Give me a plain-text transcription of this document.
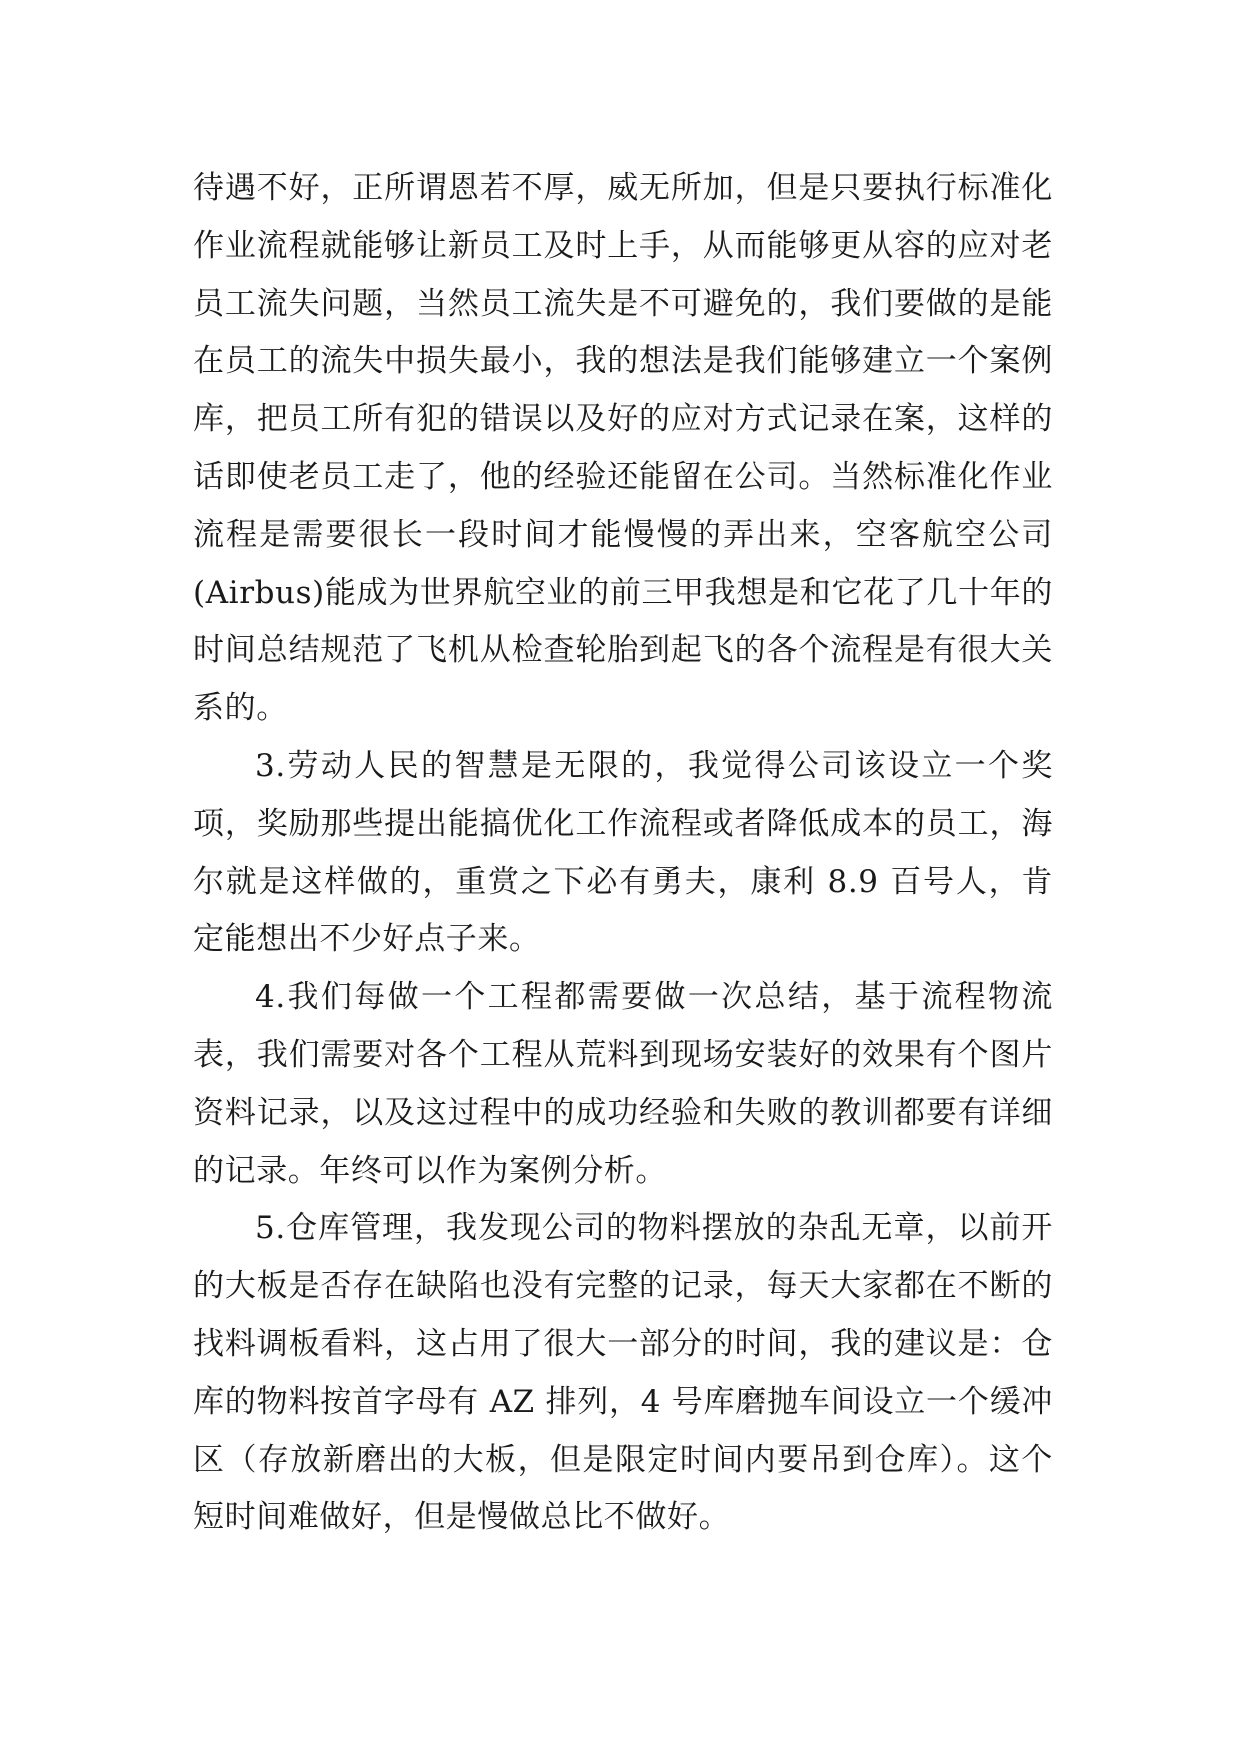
待遇不好，正所谓恩若不厚，威无所加，但是只要执行标准化作业流程就能够让新员工及时上手，从而能够更从容的应对老员工流失问题，当然员工流失是不可避免的，我们要做的是能在员工的流失中损失最小，我的想法是我们能够建立一个案例库，把员工所有犯的错误以及好的应对方式记录在案，这样的话即使老员工走了，他的经验还能留在公司。当然标准化作业流程是需要很长一段时间才能慢慢的弄出来，空客航空公司(Airbus)能成为世界航空业的前三甲我想是和它花了几十年的时间总结规范了飞机从检查轮胎到起飞的各个流程是有很大关系的。

3.劳动人民的智慧是无限的，我觉得公司该设立一个奖项，奖励那些提出能搞优化工作流程或者降低成本的员工，海尔就是这样做的，重赏之下必有勇夫，康利 8.9 百号人，肯定能想出不少好点子来。

4.我们每做一个工程都需要做一次总结，基于流程物流表，我们需要对各个工程从荒料到现场安装好的效果有个图片资料记录，以及这过程中的成功经验和失败的教训都要有详细的记录。年终可以作为案例分析。

5.仓库管理，我发现公司的物料摆放的杂乱无章，以前开的大板是否存在缺陷也没有完整的记录，每天大家都在不断的找料调板看料，这占用了很大一部分的时间，我的建议是：仓库的物料按首字母有 AZ 排列，4 号库磨抛车间设立一个缓冲区（存放新磨出的大板，但是限定时间内要吊到仓库）。这个短时间难做好，但是慢做总比不做好。
